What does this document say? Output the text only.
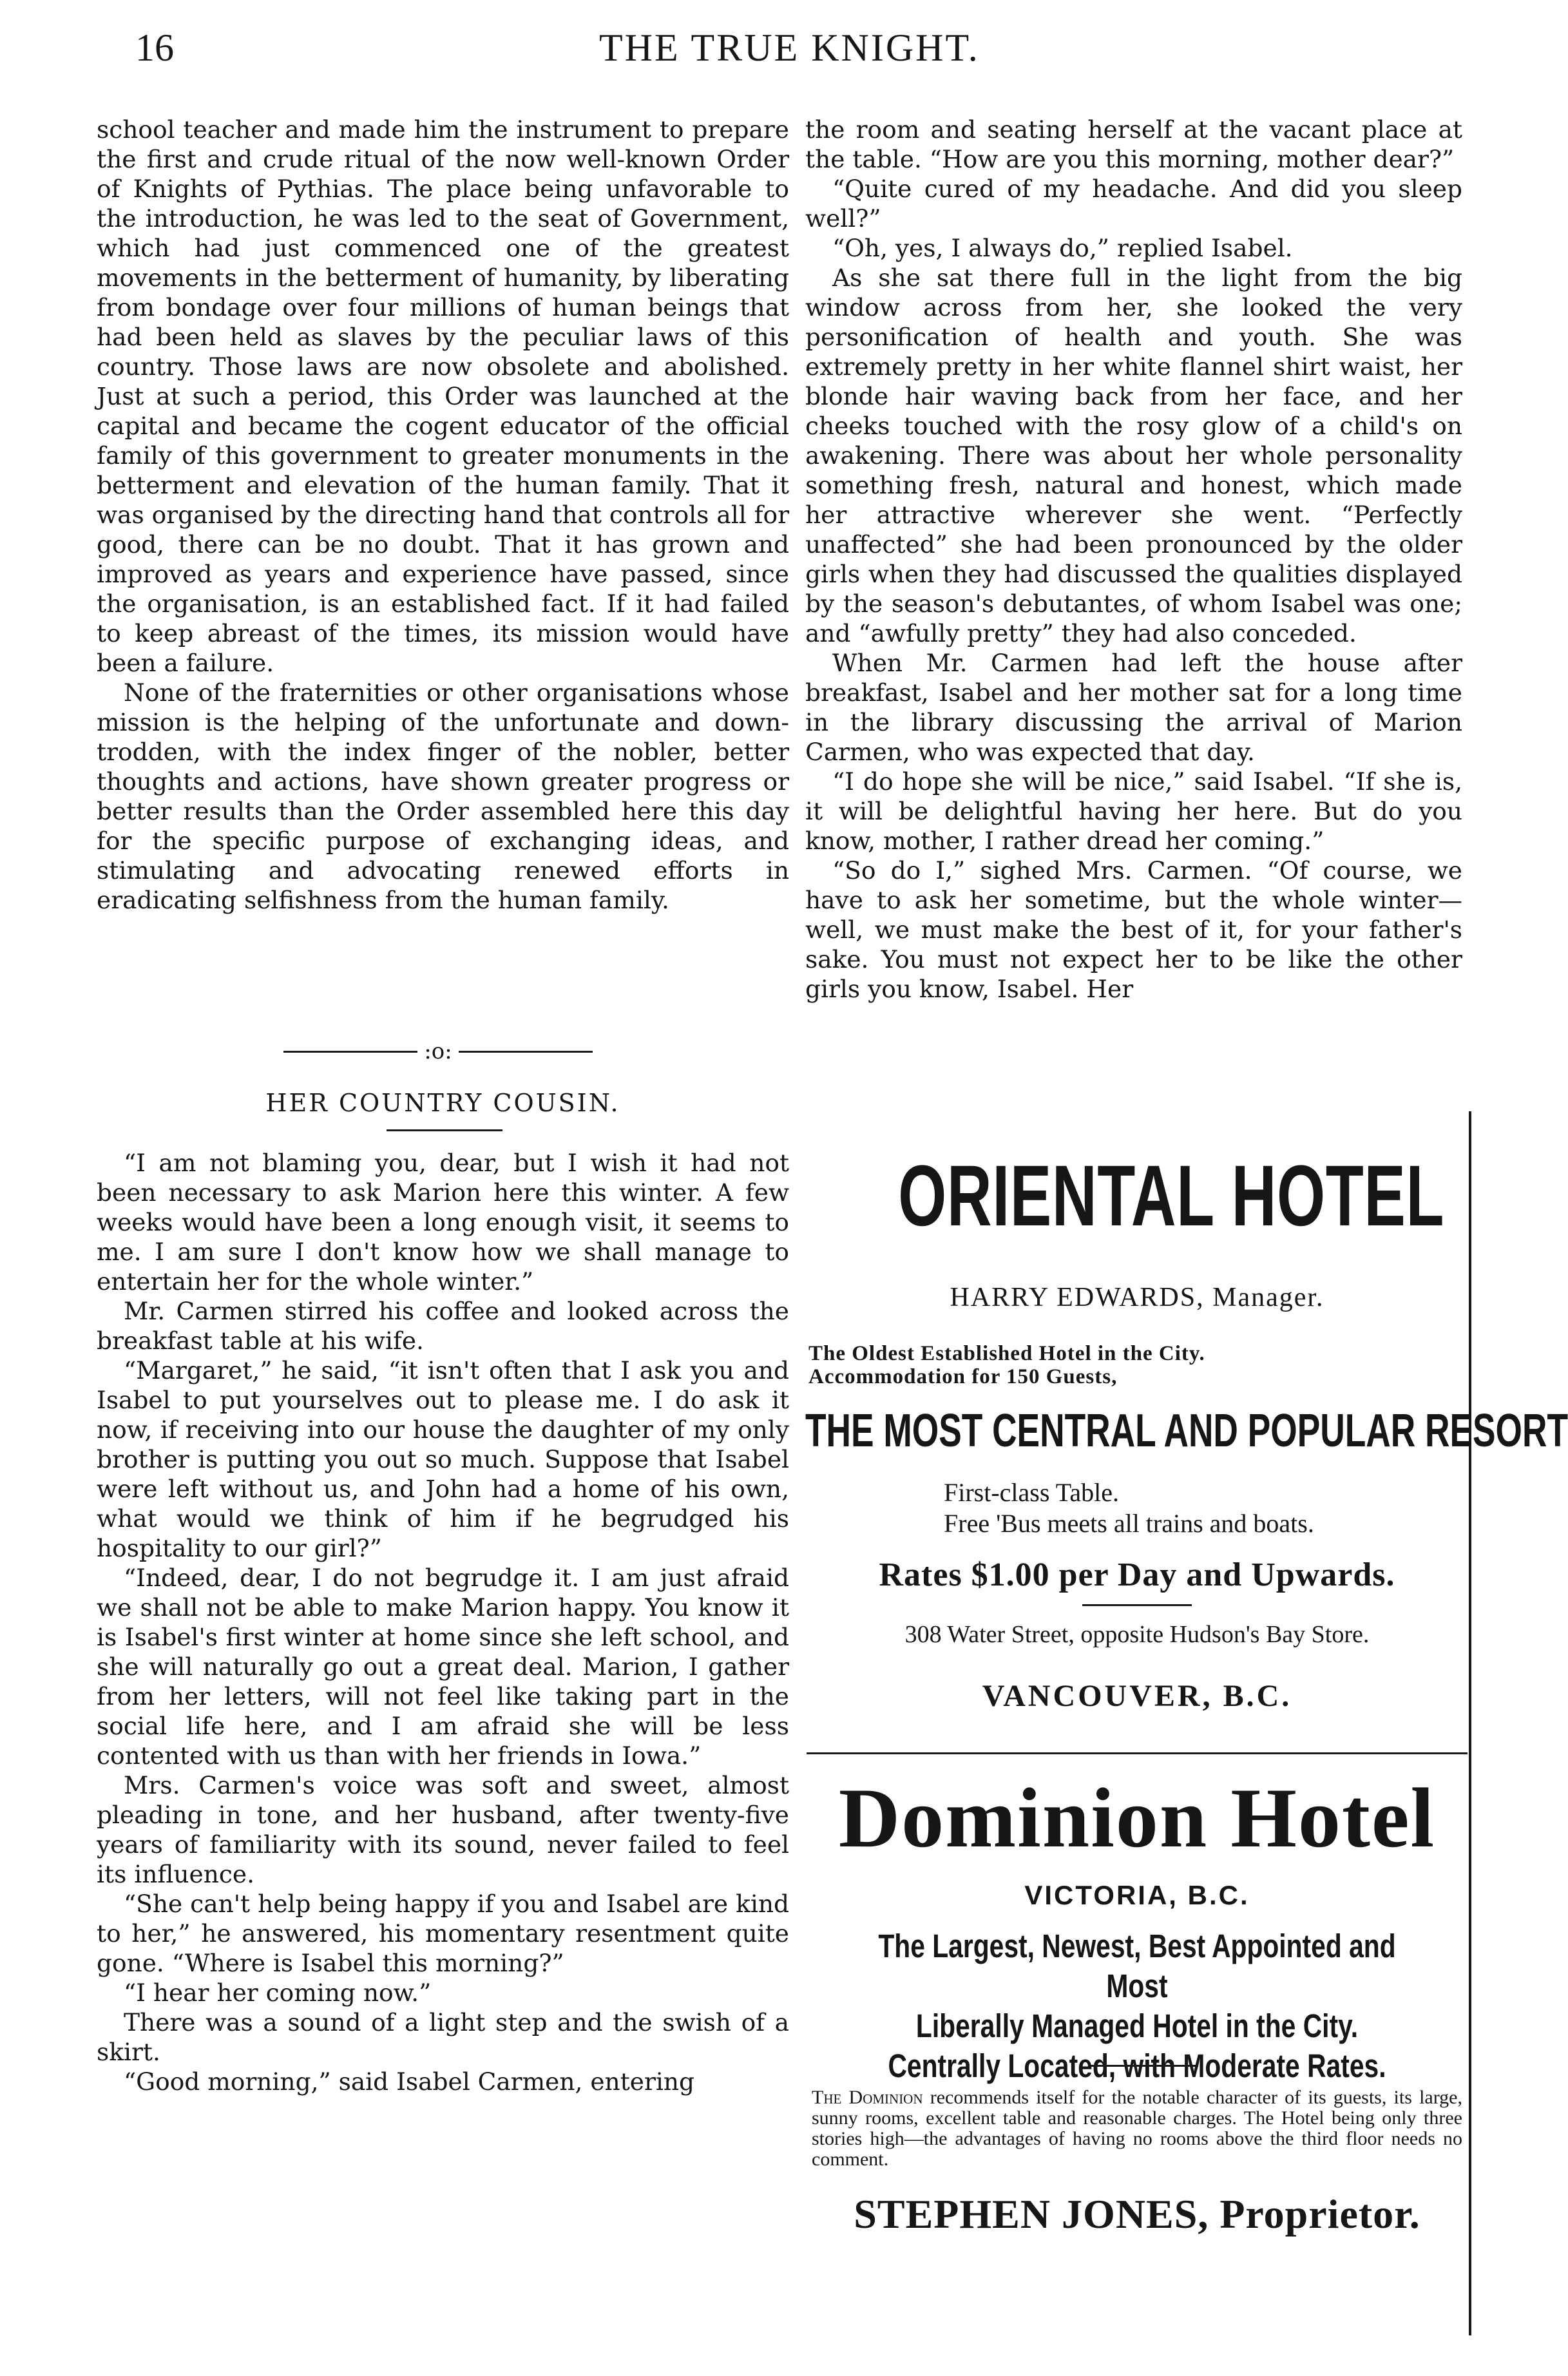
16	THE TRUE KNIGHT.

school teacher and made him the instrument to prepare the first and crude ritual of the now well-known Order of Knights of Pythias. The place being unfavorable to the introduction, he was led to the seat of Government, which had just commenced one of the greatest movements in the betterment of humanity, by liberating from bondage over four millions of human beings that had been held as slaves by the peculiar laws of this country. Those laws are now obsolete and abolished. Just at such a period, this Order was launched at the capital and became the cogent educator of the official family of this government to greater monuments in the betterment and elevation of the human family. That it was organised by the directing hand that controls all for good, there can be no doubt. That it has grown and improved as years and experience have passed, since the organisation, is an established fact. If it had failed to keep abreast of the times, its mission would have been a failure.

None of the fraternities or other organisations whose mission is the helping of the unfortunate and down-trodden, with the index finger of the nobler, better thoughts and actions, have shown greater progress or better results than the Order assembled here this day for the specific purpose of exchanging ideas, and stimulating and advocating renewed efforts in eradicating selfishness from the human family.

:o:
HER COUNTRY COUSIN.

“I am not blaming you, dear, but I wish it had not been necessary to ask Marion here this winter. A few weeks would have been a long enough visit, it seems to me. I am sure I don't know how we shall manage to entertain her for the whole winter.”

Mr. Carmen stirred his coffee and looked across the breakfast table at his wife.

“Margaret,” he said, “it isn't often that I ask you and Isabel to put yourselves out to please me. I do ask it now, if receiving into our house the daughter of my only brother is putting you out so much. Suppose that Isabel were left without us, and John had a home of his own, what would we think of him if he begrudged his hospitality to our girl?”

“Indeed, dear, I do not begrudge it. I am just afraid we shall not be able to make Marion happy. You know it is Isabel's first winter at home since she left school, and she will naturally go out a great deal. Marion, I gather from her letters, will not feel like taking part in the social life here, and I am afraid she will be less contented with us than with her friends in Iowa.”

Mrs. Carmen's voice was soft and sweet, almost pleading in tone, and her husband, after twenty-five years of familiarity with its sound, never failed to feel its influence.

“She can't help being happy if you and Isabel are kind to her,” he answered, his momentary resentment quite gone. “Where is Isabel this morning?”

“I hear her coming now.”

There was a sound of a light step and the swish of a skirt.

“Good morning,” said Isabel Carmen, entering

the room and seating herself at the vacant place at the table. “How are you this morning, mother dear?”

“Quite cured of my headache. And did you sleep well?”

“Oh, yes, I always do,” replied Isabel.

As she sat there full in the light from the big window across from her, she looked the very personification of health and youth. She was extremely pretty in her white flannel shirt waist, her blonde hair waving back from her face, and her cheeks touched with the rosy glow of a child's on awakening. There was about her whole personality something fresh, natural and honest, which made her attractive wherever she went. “Perfectly unaffected” she had been pronounced by the older girls when they had discussed the qualities displayed by the season's debutantes, of whom Isabel was one; and “awfully pretty” they had also conceded.

When Mr. Carmen had left the house after breakfast, Isabel and her mother sat for a long time in the library discussing the arrival of Marion Carmen, who was expected that day.

“I do hope she will be nice,” said Isabel. “If she is, it will be delightful having her here. But do you know, mother, I rather dread her coming.”

“So do I,” sighed Mrs. Carmen. “Of course, we have to ask her sometime, but the whole winter—well, we must make the best of it, for your father's sake. You must not expect her to be like the other girls you know, Isabel. Her

ORIENTAL HOTEL
HARRY EDWARDS, Manager.
The Oldest Established Hotel in the City.
Accommodation for 150 Guests,
THE MOST CENTRAL AND POPULAR RESORT
First-class Table.
Free 'Bus meets all trains and boats.
Rates $1.00 per Day and Upwards.
308 Water Street, opposite Hudson's Bay Store.
VANCOUVER, B.C.
Dominion Hotel
VICTORIA, B.C.
The Largest, Newest, Best Appointed and Most
Liberally Managed Hotel in the City. Centrally Located, with Moderate Rates.
The Dominion recommends itself for the notable character of its guests, its large, sunny rooms, excellent table and reasonable charges. The Hotel being only three stories high—the advantages of having no rooms above the third floor needs no comment.
STEPHEN JONES, Proprietor.
